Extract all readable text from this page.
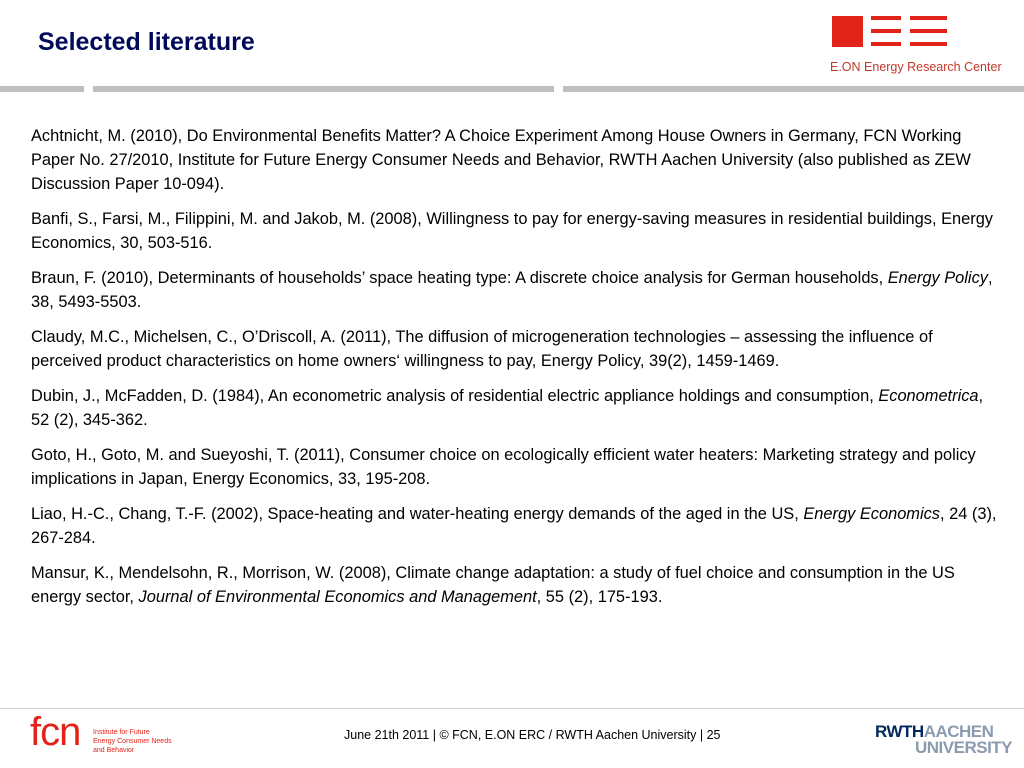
Selected literature
E.ON Energy Research Center

Achtnicht, M. (2010), Do Environmental Benefits Matter? A Choice Experiment Among House Owners in Germany, FCN Working Paper No. 27/2010, Institute for Future Energy Consumer Needs and Behavior, RWTH Aachen University (also published as ZEW Discussion Paper 10-094).

Banfi, S., Farsi, M., Filippini, M. and Jakob, M. (2008), Willingness to pay for energy-saving measures in residential buildings, Energy Economics, 30, 503-516.

Braun, F. (2010), Determinants of households’ space heating type: A discrete choice analysis for German households, Energy Policy, 38, 5493-5503.

Claudy, M.C., Michelsen, C., O’Driscoll, A. (2011), The diffusion of microgeneration technologies – assessing the influence of perceived product characteristics on home owners‘ willingness to pay, Energy Policy, 39(2), 1459-1469.

Dubin, J., McFadden, D. (1984), An econometric analysis of residential electric appliance holdings and consumption, Econometrica, 52 (2), 345-362.

Goto, H., Goto, M. and Sueyoshi, T. (2011), Consumer choice on ecologically efficient water heaters: Marketing strategy and policy implications in Japan, Energy Economics, 33, 195-208.

Liao, H.-C., Chang, T.-F. (2002), Space-heating and water-heating energy demands of the aged in the US, Energy Economics, 24 (3), 267-284.

Mansur, K., Mendelsohn, R., Morrison, W. (2008), Climate change adaptation: a study of fuel choice and consumption in the US energy sector, Journal of Environmental Economics and Management, 55 (2), 175-193.

fcn Institute for Future
Energy Consumer Needs
and Behavior
June 21th 2011 | © FCN, E.ON ERC / RWTH Aachen University | 25	RWTHAACHEN
UNIVERSITY
